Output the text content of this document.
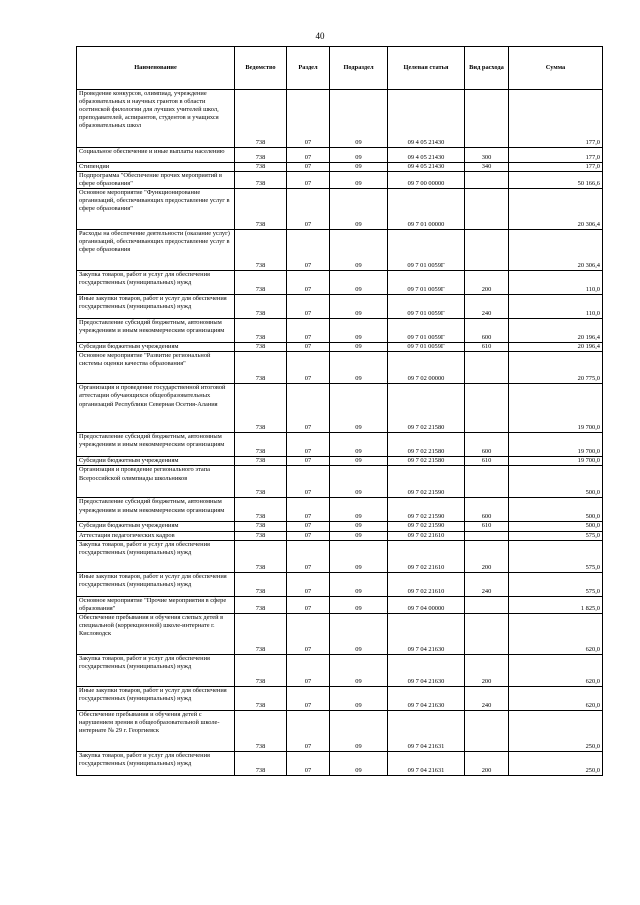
40
Наименование	Ведомство	Раздел	Подраздел	Целевая статья	Вид расхода	Сумма
Проведение конкурсов, олимпиад, учреждение образовательных и научных грантов в области осетинской филологии для лучших учителей школ, преподавателей, аспирантов, студентов и учащихся образовательных школ	738	07	09	09 4 05 21430		177,0
Социальное обеспечение и иные выплаты населению	738	07	09	09 4 05 21430	300	177,0
Стипендии	738	07	09	09 4 05 21430	340	177,0
Подпрограмма "Обеспечение прочих мероприятий в сфере образования"	738	07	09	09 7 00 00000		50 166,6
Основное мероприятие "Функционирование организаций, обеспечивающих предоставление услуг в сфере образования"	738	07	09	09 7 01 00000		20 306,4
Расходы на обеспечение деятельности (оказание услуг) организаций, обеспечивающих предоставление услуг в сфере образования	738	07	09	09 7 01 0059Г		20 306,4
Закупка товаров, работ и услуг для обеспечения государственных (муниципальных) нужд	738	07	09	09 7 01 0059Г	200	110,0
Иные закупки товаров, работ и услуг для обеспечения государственных (муниципальных) нужд	738	07	09	09 7 01 0059Г	240	110,0
Предоставление субсидий бюджетным, автономным учреждениям и иным некоммерческим организациям	738	07	09	09 7 01 0059Г	600	20 196,4
Субсидии бюджетным учреждениям	738	07	09	09 7 01 0059Г	610	20 196,4
Основное мероприятие "Развитие региональной системы оценки качества образования"	738	07	09	09 7 02 00000		20 775,0
Организация и проведение государственной итоговой аттестации обучающихся общеобразовательных организаций Республики Северная Осетия-Алания	738	07	09	09 7 02 21580		19 700,0
Предоставление субсидий бюджетным, автономным учреждениям и иным некоммерческим организациям	738	07	09	09 7 02 21580	600	19 700,0
Субсидии бюджетным учреждениям	738	07	09	09 7 02 21580	610	19 700,0
Организация и проведение регионального этапа Всероссийской олимпиады школьников	738	07	09	09 7 02 21590		500,0
Предоставление субсидий бюджетным, автономным учреждениям и иным некоммерческим организациям	738	07	09	09 7 02 21590	600	500,0
Субсидии бюджетным учреждениям	738	07	09	09 7 02 21590	610	500,0
Аттестация педагогических кадров	738	07	09	09 7 02 21610		575,0
Закупка товаров, работ и услуг для обеспечения государственных (муниципальных) нужд	738	07	09	09 7 02 21610	200	575,0
Иные закупки товаров, работ и услуг для обеспечения государственных (муниципальных) нужд	738	07	09	09 7 02 21610	240	575,0
Основное мероприятие "Прочие мероприятия в сфере образования"	738	07	09	09 7 04 00000		1 825,0
Обеспечение пребывания и обучения слепых детей в специальной (коррекционной) школе-интернате г. Кисловодск	738	07	09	09 7 04 21630		620,0
Закупка товаров, работ и услуг для обеспечения государственных (муниципальных) нужд	738	07	09	09 7 04 21630	200	620,0
Иные закупки товаров, работ и услуг для обеспечения государственных (муниципальных) нужд	738	07	09	09 7 04 21630	240	620,0
Обеспечение пребывания и обучения детей с нарушением зрения в общеобразовательной школе-интернате № 29 г. Георгиевск	738	07	09	09 7 04 21631		250,0
Закупка товаров, работ и услуг для обеспечения государственных (муниципальных) нужд	738	07	09	09 7 04 21631	200	250,0
